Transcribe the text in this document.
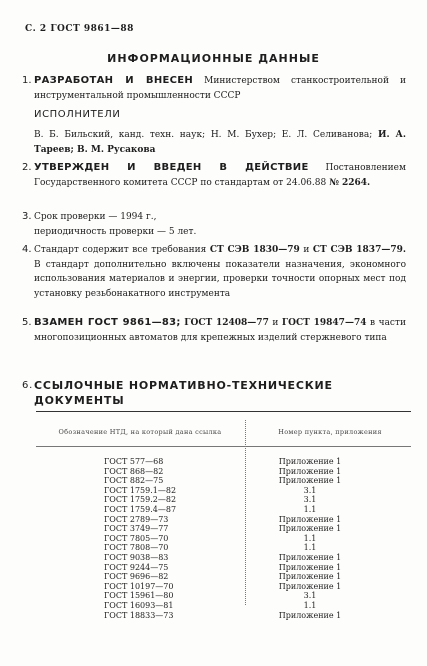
С. 2 ГОСТ 9861—88
ИНФОРМАЦИОННЫЕ ДАННЫЕ
1. РАЗРАБОТАН И ВНЕСЕН Министерством станкостроительной и инструментальной промышленности СССР
ИСПОЛНИТЕЛИ
В. Б. Бильский, канд. техн. наук; Н. М. Бухер; Е. Л. Селиванова; И. А. Тареев; В. М. Русакова
2. УТВЕРЖДЕН И ВВЕДЕН В ДЕЙСТВИЕ Постановлением Государственного комитета СССР по стандартам от 24.06.88 № 2264.
3. Срок проверки — 1994 г.,
периодичность проверки — 5 лет.
4. Стандарт содержит все требования СТ СЭВ 1830—79 и СТ СЭВ 1837—79. В стандарт дополнительно включены показатели назначения, экономного использования материалов и энергии, проверки точности опорных мест под установку резьбонакатного инструмента
5. ВЗАМЕН ГОСТ 9861—83; ГОСТ 12408—77 и ГОСТ 19847—74 в части многопозиционных автоматов для крепежных изделий стержневого типа
6. ССЫЛОЧНЫЕ НОРМАТИВНО-ТЕХНИЧЕСКИЕ ДОКУМЕНТЫ
Обозначение НТД, на который дана ссылка	Номер пункта, приложения
ГОСТ 577—68	Приложение 1
ГОСТ 868—82	Приложение 1
ГОСТ 882—75	Приложение 1
ГОСТ 1759.1—82	3.1
ГОСТ 1759.2—82	3.1
ГОСТ 1759.4—87	1.1
ГОСТ 2789—73	Приложение 1
ГОСТ 3749—77	Приложение 1
ГОСТ 7805—70	1.1
ГОСТ 7808—70	1.1
ГОСТ 9038—83	Приложение 1
ГОСТ 9244—75	Приложение 1
ГОСТ 9696—82	Приложение 1
ГОСТ 10197—70	Приложение 1
ГОСТ 15961—80	3.1
ГОСТ 16093—81	1.1
ГОСТ 18833—73	Приложение 1
